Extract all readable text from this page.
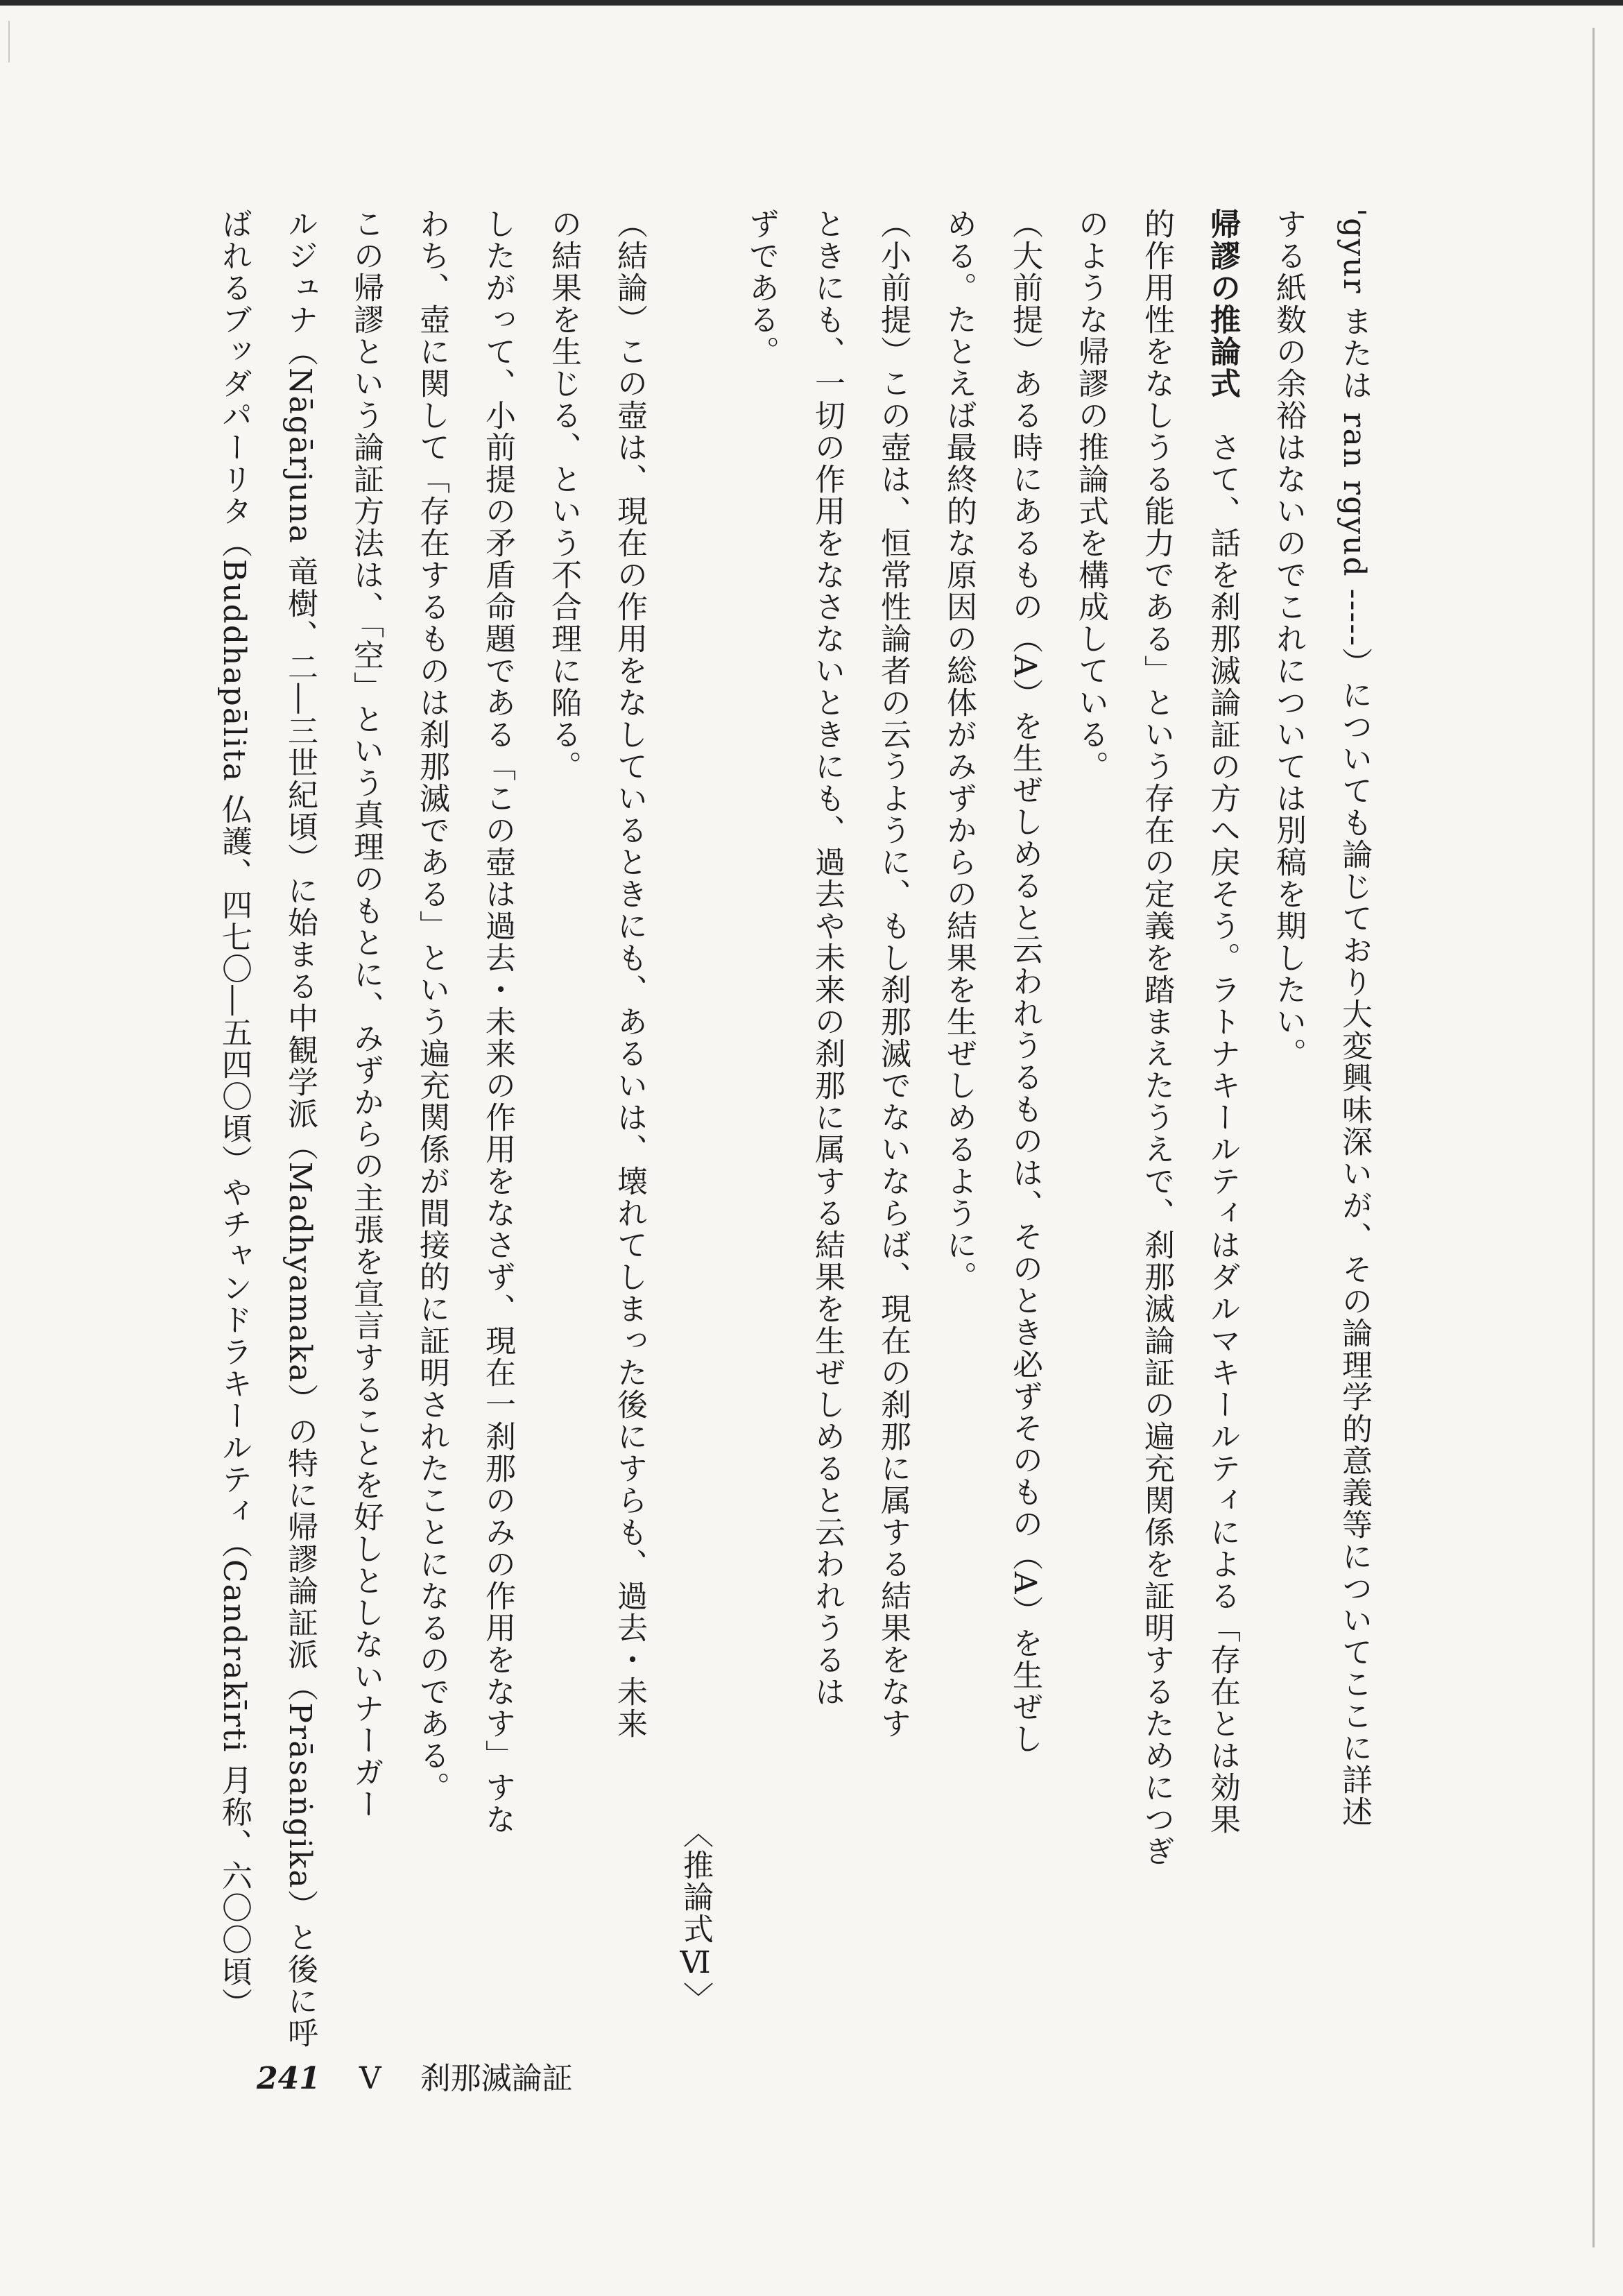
'gyur または ran rgyud -----）についても論じており大変興味深いが、その論理学的意義等についてここに詳述

する紙数の余裕はないのでこれについては別稿を期したい。

帰謬の推論式　さて、話を刹那滅論証の方へ戻そう。ラトナキールティはダルマキールティによる「存在とは効果

的作用性をなしうる能力である」という存在の定義を踏まえたうえで、刹那滅論証の遍充関係を証明するためにつぎ

のような帰謬の推論式を構成している。

（大前提）ある時にあるもの（A）を生ぜしめると云われうるものは、そのとき必ずそのもの（A）を生ぜし

める。たとえば最終的な原因の総体がみずからの結果を生ぜしめるように。

（小前提）この壺は、恒常性論者の云うように、もし刹那滅でないならば、現在の刹那に属する結果をなす

ときにも、一切の作用をなさないときにも、過去や未来の刹那に属する結果を生ぜしめると云われうるは

ずである。

〈推論式Ⅵ〉

（結論）この壺は、現在の作用をなしているときにも、あるいは、壊れてしまった後にすらも、過去・未来

の結果を生じる、という不合理に陥る。

したがって、小前提の矛盾命題である「この壺は過去・未来の作用をなさず、現在一刹那のみの作用をなす」すな

わち、壺に関して「存在するものは刹那滅である」という遍充関係が間接的に証明されたことになるのである。

この帰謬という論証方法は、「空」という真理のもとに、みずからの主張を宣言することを好しとしないナーガー

ルジュナ（Nāgārjuna 竜樹、二―三世紀頃）に始まる中観学派（Madhyamaka）の特に帰謬論証派（Prāsaṅgika）と後に呼

ばれるブッダパーリタ（Buddhapālita 仏護、四七〇―五四〇頃）やチャンドラキールティ（Candrakīrti 月称、六〇〇頃）

241 Ⅴ 刹那滅論証
